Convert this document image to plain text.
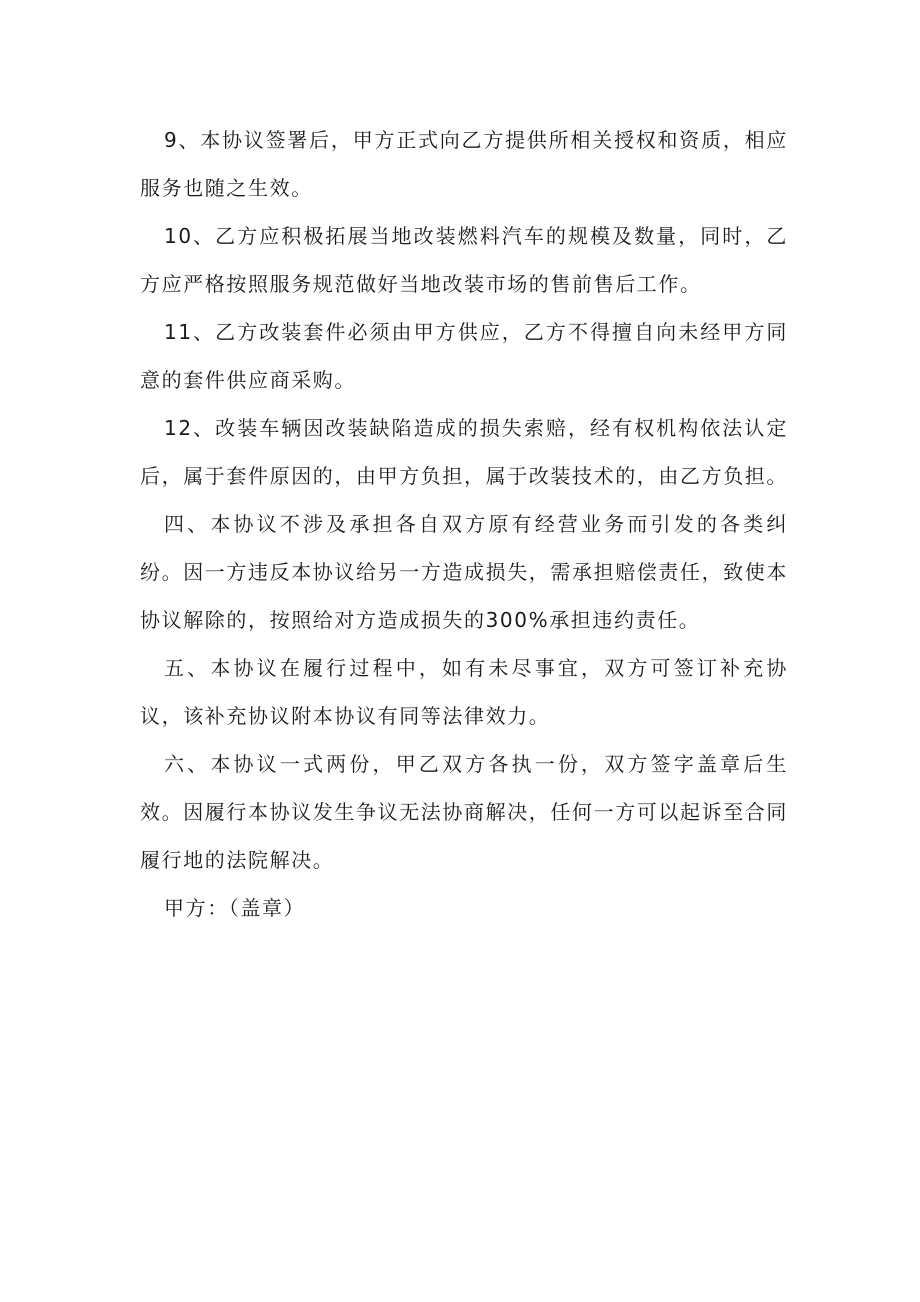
9、本协议签署后，甲方正式向乙方提供所相关授权和资质，相应服务也随之生效。

10、乙方应积极拓展当地改装燃料汽车的规模及数量，同时，乙方应严格按照服务规范做好当地改装市场的售前售后工作。

11、乙方改装套件必须由甲方供应，乙方不得擅自向未经甲方同意的套件供应商采购。

12、改装车辆因改装缺陷造成的损失索赔，经有权机构依法认定后，属于套件原因的，由甲方负担，属于改装技术的，由乙方负担。

四、本协议不涉及承担各自双方原有经营业务而引发的各类纠纷。因一方违反本协议给另一方造成损失，需承担赔偿责任，致使本协议解除的，按照给对方造成损失的300%承担违约责任。

五、本协议在履行过程中，如有未尽事宜，双方可签订补充协议，该补充协议附本协议有同等法律效力。

六、本协议一式两份，甲乙双方各执一份，双方签字盖章后生效。因履行本协议发生争议无法协商解决，任何一方可以起诉至合同履行地的法院解决。

甲方：（盖章）
